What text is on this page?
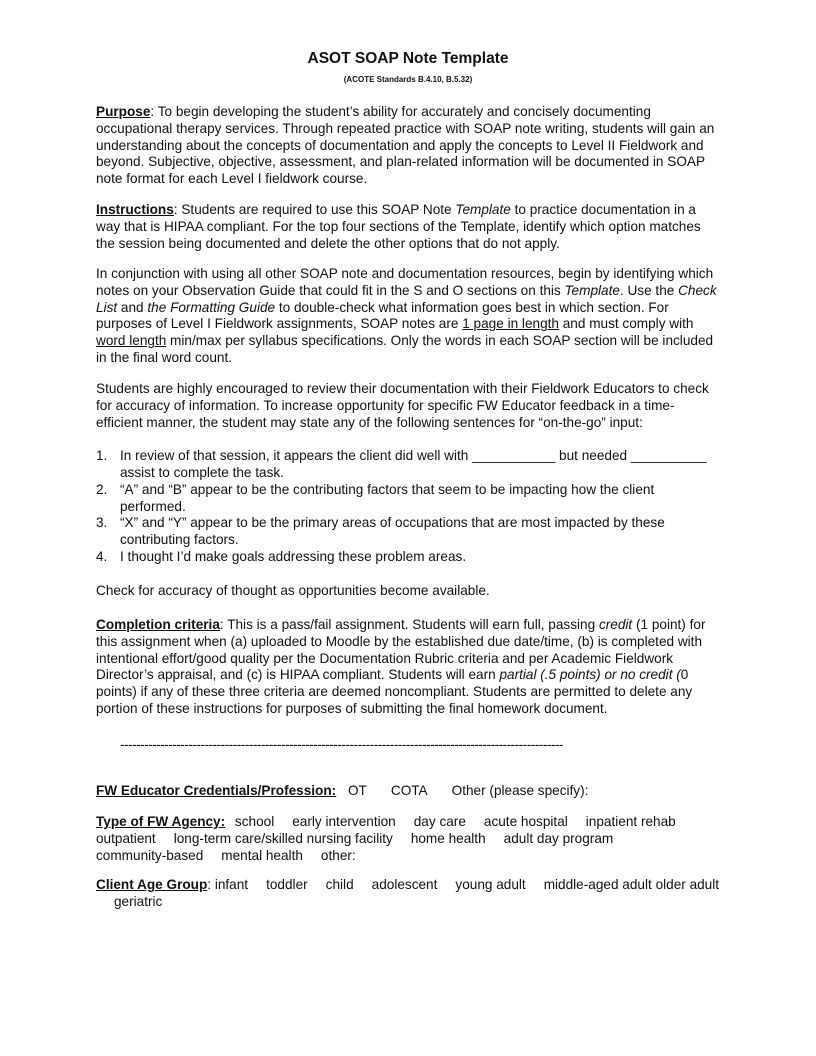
ASOT SOAP Note Template
(ACOTE Standards B.4.10, B.5.32)

Purpose: To begin developing the student’s ability for accurately and concisely documenting occupational therapy services. Through repeated practice with SOAP note writing, students will gain an understanding about the concepts of documentation and apply the concepts to Level II Fieldwork and beyond. Subjective, objective, assessment, and plan-related information will be documented in SOAP note format for each Level I fieldwork course.

Instructions: Students are required to use this SOAP Note Template to practice documentation in a way that is HIPAA compliant. For the top four sections of the Template, identify which option matches the session being documented and delete the other options that do not apply.

In conjunction with using all other SOAP note and documentation resources, begin by identifying which notes on your Observation Guide that could fit in the S and O sections on this Template. Use the Check List and the Formatting Guide to double-check what information goes best in which section. For purposes of Level I Fieldwork assignments, SOAP notes are 1 page in length and must comply with word length min/max per syllabus specifications. Only the words in each SOAP section will be included in the final word count.

Students are highly encouraged to review their documentation with their Fieldwork Educators to check for accuracy of information. To increase opportunity for specific FW Educator feedback in a time-efficient manner, the student may state any of the following sentences for “on-the-go” input:

1. In review of that session, it appears the client did well with ___________ but needed __________ assist to complete the task.
2. “A” and “B” appear to be the contributing factors that seem to be impacting how the client performed.
3. “X” and “Y” appear to be the primary areas of occupations that are most impacted by these contributing factors.
4. I thought I’d make goals addressing these problem areas.

Check for accuracy of thought as opportunities become available.

Completion criteria: This is a pass/fail assignment. Students will earn full, passing credit (1 point) for this assignment when (a) uploaded to Moodle by the established due date/time, (b) is completed with intentional effort/good quality per the Documentation Rubric criteria and per Academic Fieldwork Director’s appraisal, and (c) is HIPAA compliant. Students will earn partial (.5 points) or no credit (0 points) if any of these three criteria are deemed noncompliant. Students are permitted to delete any portion of these instructions for purposes of submitting the final homework document.

--------------------------------------------------------------------------------------------------------------

FW Educator Credentials/Profession: OT COTA Other (please specify):

Type of FW Agency: school early intervention day care acute hospital inpatient rehaboutpatient long-term care/skilled nursing facility home health adult day program community-based mental health other:

Client Age Group: infant toddler child adolescent young adult middle-aged adult older adultgeriatric
